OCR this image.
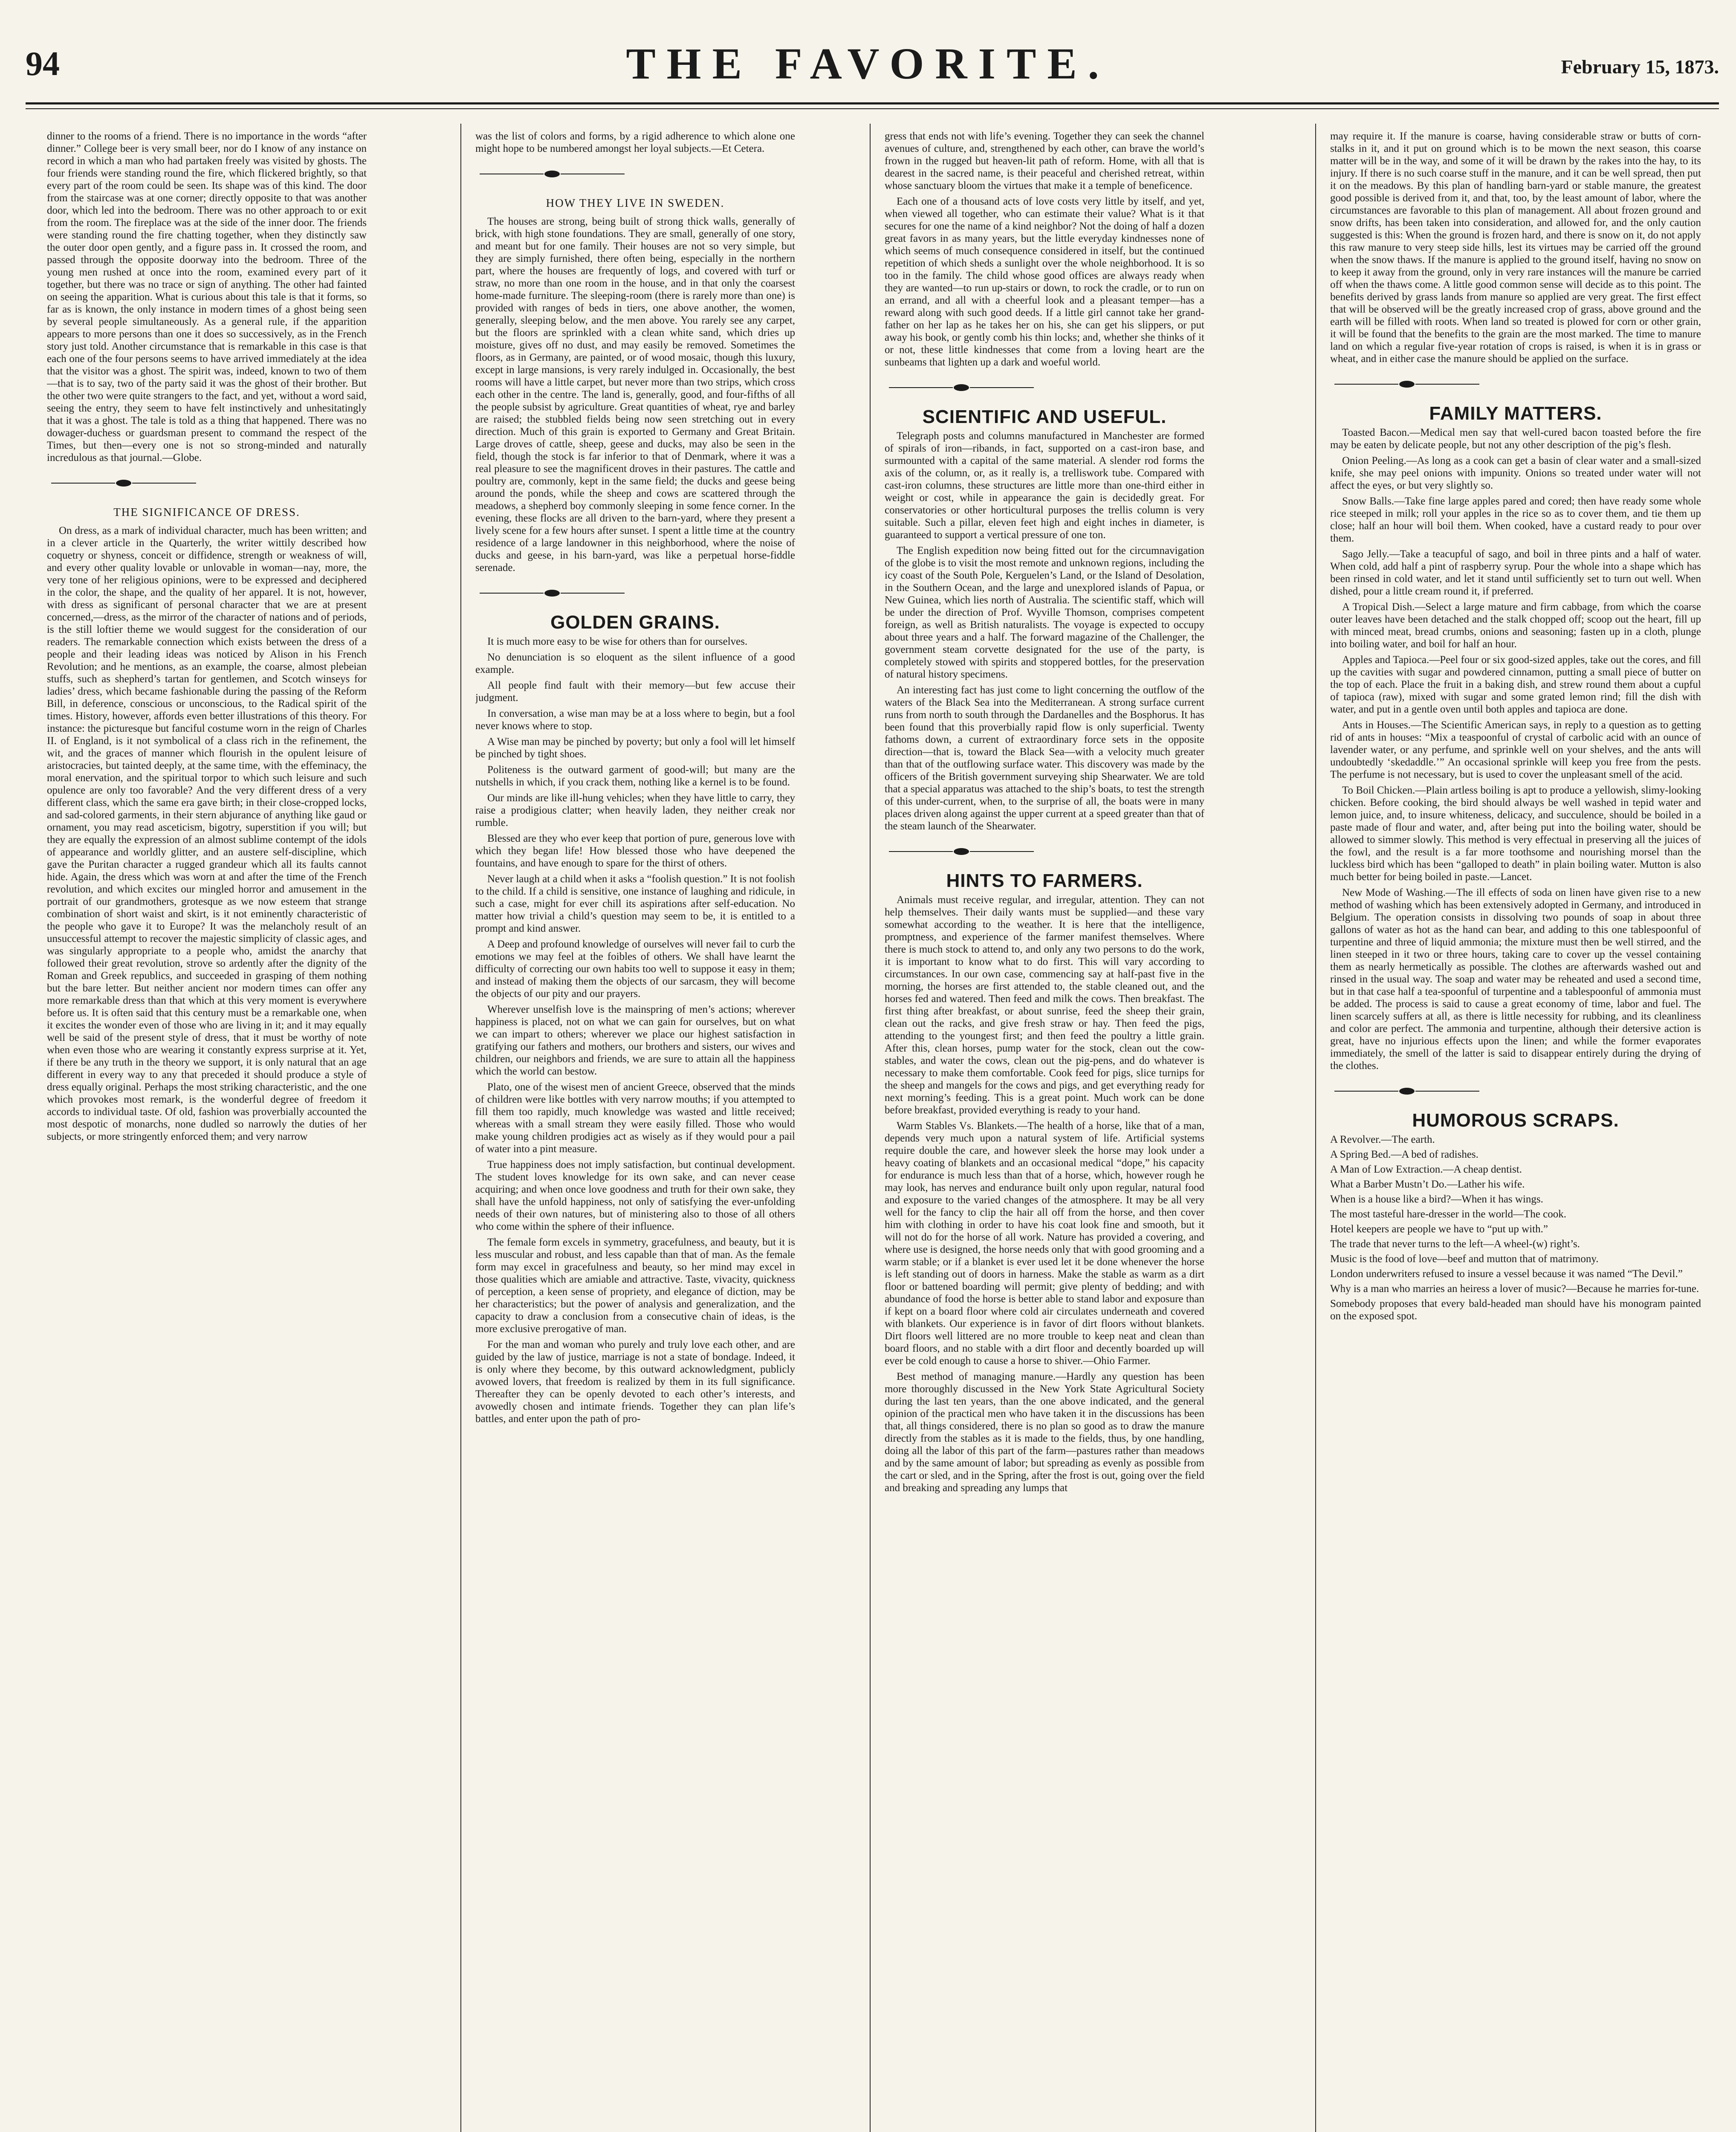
94	THE FAVORITE.	February 15, 1873.

dinner to the rooms of a friend. There is no importance in the words “after dinner.” College beer is very small beer, nor do I know of any instance on record in which a man who had partaken freely was visited by ghosts. The four friends were standing round the fire, which flickered brightly, so that every part of the room could be seen. Its shape was of this kind. The door from the staircase was at one corner; directly opposite to that was another door, which led into the bedroom. There was no other approach to or exit from the room. The fireplace was at the side of the inner door. The friends were standing round the fire chatting together, when they distinctly saw the outer door open gently, and a figure pass in. It crossed the room, and passed through the opposite doorway into the bedroom. Three of the young men rushed at once into the room, examined every part of it together, but there was no trace or sign of anything. The other had fainted on seeing the apparition. What is curious about this tale is that it forms, so far as is known, the only instance in modern times of a ghost being seen by several people simultaneously. As a general rule, if the apparition appears to more persons than one it does so successively, as in the French story just told. Another circumstance that is remarkable in this case is that each one of the four persons seems to have arrived immediately at the idea that the visitor was a ghost. The spirit was, indeed, known to two of them—that is to say, two of the party said it was the ghost of their brother. But the other two were quite strangers to the fact, and yet, without a word said, seeing the entry, they seem to have felt instinctively and unhesitatingly that it was a ghost. The tale is told as a thing that happened. There was no dowager-duchess or guardsman present to command the respect of the Times, but then—every one is not so strong-minded and naturally incredulous as that journal.—Globe.

THE SIGNIFICANCE OF DRESS.

On dress, as a mark of individual character, much has been written; and in a clever article in the Quarterly, the writer wittily described how coquetry or shyness, conceit or diffidence, strength or weakness of will, and every other quality lovable or unlovable in woman—nay, more, the very tone of her religious opinions, were to be expressed and deciphered in the color, the shape, and the quality of her apparel. It is not, however, with dress as significant of personal character that we are at present concerned,—dress, as the mirror of the character of nations and of periods, is the still loftier theme we would suggest for the consideration of our readers. The remarkable connection which exists between the dress of a people and their leading ideas was noticed by Alison in his French Revolution; and he mentions, as an example, the coarse, almost plebeian stuffs, such as shepherd’s tartan for gentlemen, and Scotch winseys for ladies’ dress, which became fashionable during the passing of the Reform Bill, in deference, conscious or unconscious, to the Radical spirit of the times. History, however, affords even better illustrations of this theory. For instance: the picturesque but fanciful costume worn in the reign of Charles II. of England, is it not symbolical of a class rich in the refinement, the wit, and the graces of manner which flourish in the opulent leisure of aristocracies, but tainted deeply, at the same time, with the effeminacy, the moral enervation, and the spiritual torpor to which such leisure and such opulence are only too favorable? And the very different dress of a very different class, which the same era gave birth; in their close-cropped locks, and sad-colored garments, in their stern abjurance of anything like gaud or ornament, you may read asceticism, bigotry, superstition if you will; but they are equally the expression of an almost sublime contempt of the idols of appearance and worldly glitter, and an austere self-discipline, which gave the Puritan character a rugged grandeur which all its faults cannot hide. Again, the dress which was worn at and after the time of the French revolution, and which excites our mingled horror and amusement in the portrait of our grandmothers, grotesque as we now esteem that strange combination of short waist and skirt, is it not eminently characteristic of the people who gave it to Europe? It was the melancholy result of an unsuccessful attempt to recover the majestic simplicity of classic ages, and was singularly appropriate to a people who, amidst the anarchy that followed their great revolution, strove so ardently after the dignity of the Roman and Greek republics, and succeeded in grasping of them nothing but the bare letter. But neither ancient nor modern times can offer any more remarkable dress than that which at this very moment is everywhere before us. It is often said that this century must be a remarkable one, when it excites the wonder even of those who are living in it; and it may equally well be said of the present style of dress, that it must be worthy of note when even those who are wearing it constantly express surprise at it. Yet, if there be any truth in the theory we support, it is only natural that an age different in every way to any that preceded it should produce a style of dress equally original. Perhaps the most striking characteristic, and the one which provokes most remark, is the wonderful degree of freedom it accords to individual taste. Of old, fashion was proverbially accounted the most despotic of monarchs, none dudled so narrowly the duties of her subjects, or more stringently enforced them; and very narrow

was the list of colors and forms, by a rigid adherence to which alone one might hope to be numbered amongst her loyal subjects.—Et Cetera.

HOW THEY LIVE IN SWEDEN.

The houses are strong, being built of strong thick walls, generally of brick, with high stone foundations. They are small, generally of one story, and meant but for one family. Their houses are not so very simple, but they are simply furnished, there often being, especially in the northern part, where the houses are frequently of logs, and covered with turf or straw, no more than one room in the house, and in that only the coarsest home-made furniture. The sleeping-room (there is rarely more than one) is provided with ranges of beds in tiers, one above another, the women, generally, sleeping below, and the men above. You rarely see any carpet, but the floors are sprinkled with a clean white sand, which dries up moisture, gives off no dust, and may easily be removed. Sometimes the floors, as in Germany, are painted, or of wood mosaic, though this luxury, except in large mansions, is very rarely indulged in. Occasionally, the best rooms will have a little carpet, but never more than two strips, which cross each other in the centre. The land is, generally, good, and four-fifths of all the people subsist by agriculture. Great quantities of wheat, rye and barley are raised; the stubbled fields being now seen stretching out in every direction. Much of this grain is exported to Germany and Great Britain. Large droves of cattle, sheep, geese and ducks, may also be seen in the field, though the stock is far inferior to that of Denmark, where it was a real pleasure to see the magnificent droves in their pastures. The cattle and poultry are, commonly, kept in the same field; the ducks and geese being around the ponds, while the sheep and cows are scattered through the meadows, a shepherd boy commonly sleeping in some fence corner. In the evening, these flocks are all driven to the barn-yard, where they present a lively scene for a few hours after sunset. I spent a little time at the country residence of a large landowner in this neighborhood, where the noise of ducks and geese, in his barn-yard, was like a perpetual horse-fiddle serenade.

GOLDEN GRAINS.

It is much more easy to be wise for others than for ourselves.

No denunciation is so eloquent as the silent influence of a good example.

All people find fault with their memory—but few accuse their judgment.

In conversation, a wise man may be at a loss where to begin, but a fool never knows where to stop.

A Wise man may be pinched by poverty; but only a fool will let himself be pinched by tight shoes.

Politeness is the outward garment of good-will; but many are the nutshells in which, if you crack them, nothing like a kernel is to be found.

Our minds are like ill-hung vehicles; when they have little to carry, they raise a prodigious clatter; when heavily laden, they neither creak nor rumble.

Blessed are they who ever keep that portion of pure, generous love with which they began life! How blessed those who have deepened the fountains, and have enough to spare for the thirst of others.

Never laugh at a child when it asks a “foolish question.” It is not foolish to the child. If a child is sensitive, one instance of laughing and ridicule, in such a case, might for ever chill its aspirations after self-education. No matter how trivial a child’s question may seem to be, it is entitled to a prompt and kind answer.

A Deep and profound knowledge of ourselves will never fail to curb the emotions we may feel at the foibles of others. We shall have learnt the difficulty of correcting our own habits too well to suppose it easy in them; and instead of making them the objects of our sarcasm, they will become the objects of our pity and our prayers.

Wherever unselfish love is the mainspring of men’s actions; wherever happiness is placed, not on what we can gain for ourselves, but on what we can impart to others; wherever we place our highest satisfaction in gratifying our fathers and mothers, our brothers and sisters, our wives and children, our neighbors and friends, we are sure to attain all the happiness which the world can bestow.

Plato, one of the wisest men of ancient Greece, observed that the minds of children were like bottles with very narrow mouths; if you attempted to fill them too rapidly, much knowledge was wasted and little received; whereas with a small stream they were easily filled. Those who would make young children prodigies act as wisely as if they would pour a pail of water into a pint measure.

True happiness does not imply satisfaction, but continual development. The student loves knowledge for its own sake, and can never cease acquiring; and when once love goodness and truth for their own sake, they shall have the unfold happiness, not only of satisfying the ever-unfolding needs of their own natures, but of ministering also to those of all others who come within the sphere of their influence.

The female form excels in symmetry, gracefulness, and beauty, but it is less muscular and robust, and less capable than that of man. As the female form may excel in gracefulness and beauty, so her mind may excel in those qualities which are amiable and attractive. Taste, vivacity, quickness of perception, a keen sense of propriety, and elegance of diction, may be her characteristics; but the power of analysis and generalization, and the capacity to draw a conclusion from a consecutive chain of ideas, is the more exclusive prerogative of man.

For the man and woman who purely and truly love each other, and are guided by the law of justice, marriage is not a state of bondage. Indeed, it is only where they become, by this outward acknowledgment, publicly avowed lovers, that freedom is realized by them in its full significance. Thereafter they can be openly devoted to each other’s interests, and avowedly chosen and intimate friends. Together they can plan life’s battles, and enter upon the path of pro-

gress that ends not with life’s evening. Together they can seek the channel avenues of culture, and, strengthened by each other, can brave the world’s frown in the rugged but heaven-lit path of reform. Home, with all that is dearest in the sacred name, is their peaceful and cherished retreat, within whose sanctuary bloom the virtues that make it a temple of beneficence.

Each one of a thousand acts of love costs very little by itself, and yet, when viewed all together, who can estimate their value? What is it that secures for one the name of a kind neighbor? Not the doing of half a dozen great favors in as many years, but the little everyday kindnesses none of which seems of much consequence considered in itself, but the continued repetition of which sheds a sunlight over the whole neighborhood. It is so too in the family. The child whose good offices are always ready when they are wanted—to run up-stairs or down, to rock the cradle, or to run on an errand, and all with a cheerful look and a pleasant temper—has a reward along with such good deeds. If a little girl cannot take her grand-father on her lap as he takes her on his, she can get his slippers, or put away his book, or gently comb his thin locks; and, whether she thinks of it or not, these little kindnesses that come from a loving heart are the sunbeams that lighten up a dark and woeful world.

SCIENTIFIC AND USEFUL.

Telegraph posts and columns manufactured in Manchester are formed of spirals of iron—ribands, in fact, supported on a cast-iron base, and surmounted with a capital of the same material. A slender rod forms the axis of the column, or, as it really is, a trelliswork tube. Compared with cast-iron columns, these structures are little more than one-third either in weight or cost, while in appearance the gain is decidedly great. For conservatories or other horticultural purposes the trellis column is very suitable. Such a pillar, eleven feet high and eight inches in diameter, is guaranteed to support a vertical pressure of one ton.

The English expedition now being fitted out for the circumnavigation of the globe is to visit the most remote and unknown regions, including the icy coast of the South Pole, Kerguelen’s Land, or the Island of Desolation, in the Southern Ocean, and the large and unexplored islands of Papua, or New Guinea, which lies north of Australia. The scientific staff, which will be under the direction of Prof. Wyville Thomson, comprises competent foreign, as well as British naturalists. The voyage is expected to occupy about three years and a half. The forward magazine of the Challenger, the government steam corvette designated for the use of the party, is completely stowed with spirits and stoppered bottles, for the preservation of natural history specimens.

An interesting fact has just come to light concerning the outflow of the waters of the Black Sea into the Mediterranean. A strong surface current runs from north to south through the Dardanelles and the Bosphorus. It has been found that this proverbially rapid flow is only superficial. Twenty fathoms down, a current of extraordinary force sets in the opposite direction—that is, toward the Black Sea—with a velocity much greater than that of the outflowing surface water. This discovery was made by the officers of the British government surveying ship Shearwater. We are told that a special apparatus was attached to the ship’s boats, to test the strength of this under-current, when, to the surprise of all, the boats were in many places driven along against the upper current at a speed greater than that of the steam launch of the Shearwater.

HINTS TO FARMERS.

Animals must receive regular, and irregular, attention. They can not help themselves. Their daily wants must be supplied—and these vary somewhat according to the weather. It is here that the intelligence, promptness, and experience of the farmer manifest themselves. Where there is much stock to attend to, and only any two persons to do the work, it is important to know what to do first. This will vary according to circumstances. In our own case, commencing say at half-past five in the morning, the horses are first attended to, the stable cleaned out, and the horses fed and watered. Then feed and milk the cows. Then breakfast. The first thing after breakfast, or about sunrise, feed the sheep their grain, clean out the racks, and give fresh straw or hay. Then feed the pigs, attending to the youngest first; and then feed the poultry a little grain. After this, clean horses, pump water for the stock, clean out the cow-stables, and water the cows, clean out the pig-pens, and do whatever is necessary to make them comfortable. Cook feed for pigs, slice turnips for the sheep and mangels for the cows and pigs, and get everything ready for next morning’s feeding. This is a great point. Much work can be done before breakfast, provided everything is ready to your hand.

Warm Stables Vs. Blankets.—The health of a horse, like that of a man, depends very much upon a natural system of life. Artificial systems require double the care, and however sleek the horse may look under a heavy coating of blankets and an occasional medical “dope,” his capacity for endurance is much less than that of a horse, which, however rough he may look, has nerves and endurance built only upon regular, natural food and exposure to the varied changes of the atmosphere. It may be all very well for the fancy to clip the hair all off from the horse, and then cover him with clothing in order to have his coat look fine and smooth, but it will not do for the horse of all work. Nature has provided a covering, and where use is designed, the horse needs only that with good grooming and a warm stable; or if a blanket is ever used let it be done whenever the horse is left standing out of doors in harness. Make the stable as warm as a dirt floor or battened boarding will permit; give plenty of bedding; and with abundance of food the horse is better able to stand labor and exposure than if kept on a board floor where cold air circulates underneath and covered with blankets. Our experience is in favor of dirt floors without blankets. Dirt floors well littered are no more trouble to keep neat and clean than board floors, and no stable with a dirt floor and decently boarded up will ever be cold enough to cause a horse to shiver.—Ohio Farmer.

Best method of managing manure.—Hardly any question has been more thoroughly discussed in the New York State Agricultural Society during the last ten years, than the one above indicated, and the general opinion of the practical men who have taken it in the discussions has been that, all things considered, there is no plan so good as to draw the manure directly from the stables as it is made to the fields, thus, by one handling, doing all the labor of this part of the farm—pastures rather than meadows and by the same amount of labor; but spreading as evenly as possible from the cart or sled, and in the Spring, after the frost is out, going over the field and breaking and spreading any lumps that

may require it. If the manure is coarse, having considerable straw or butts of corn-stalks in it, and it put on ground which is to be mown the next season, this coarse matter will be in the way, and some of it will be drawn by the rakes into the hay, to its injury. If there is no such coarse stuff in the manure, and it can be well spread, then put it on the meadows. By this plan of handling barn-yard or stable manure, the greatest good possible is derived from it, and that, too, by the least amount of labor, where the circumstances are favorable to this plan of management. All about frozen ground and snow drifts, has been taken into consideration, and allowed for, and the only caution suggested is this: When the ground is frozen hard, and there is snow on it, do not apply this raw manure to very steep side hills, lest its virtues may be carried off the ground when the snow thaws. If the manure is applied to the ground itself, having no snow on to keep it away from the ground, only in very rare instances will the manure be carried off when the thaws come. A little good common sense will decide as to this point. The benefits derived by grass lands from manure so applied are very great. The first effect that will be observed will be the greatly increased crop of grass, above ground and the earth will be filled with roots. When land so treated is plowed for corn or other grain, it will be found that the benefits to the grain are the most marked. The time to manure land on which a regular five-year rotation of crops is raised, is when it is in grass or wheat, and in either case the manure should be applied on the surface.

FAMILY MATTERS.

Toasted Bacon.—Medical men say that well-cured bacon toasted before the fire may be eaten by delicate people, but not any other description of the pig’s flesh.

Onion Peeling.—As long as a cook can get a basin of clear water and a small-sized knife, she may peel onions with impunity. Onions so treated under water will not affect the eyes, or but very slightly so.

Snow Balls.—Take fine large apples pared and cored; then have ready some whole rice steeped in milk; roll your apples in the rice so as to cover them, and tie them up close; half an hour will boil them. When cooked, have a custard ready to pour over them.

Sago Jelly.—Take a teacupful of sago, and boil in three pints and a half of water. When cold, add half a pint of raspberry syrup. Pour the whole into a shape which has been rinsed in cold water, and let it stand until sufficiently set to turn out well. When dished, pour a little cream round it, if preferred.

A Tropical Dish.—Select a large mature and firm cabbage, from which the coarse outer leaves have been detached and the stalk chopped off; scoop out the heart, fill up with minced meat, bread crumbs, onions and seasoning; fasten up in a cloth, plunge into boiling water, and boil for half an hour.

Apples and Tapioca.—Peel four or six good-sized apples, take out the cores, and fill up the cavities with sugar and powdered cinnamon, putting a small piece of butter on the top of each. Place the fruit in a baking dish, and strew round them about a cupful of tapioca (raw), mixed with sugar and some grated lemon rind; fill the dish with water, and put in a gentle oven until both apples and tapioca are done.

Ants in Houses.—The Scientific American says, in reply to a question as to getting rid of ants in houses: “Mix a teaspoonful of crystal of carbolic acid with an ounce of lavender water, or any perfume, and sprinkle well on your shelves, and the ants will undoubtedly ‘skedaddle.’” An occasional sprinkle will keep you free from the pests. The perfume is not necessary, but is used to cover the unpleasant smell of the acid.

To Boil Chicken.—Plain artless boiling is apt to produce a yellowish, slimy-looking chicken. Before cooking, the bird should always be well washed in tepid water and lemon juice, and, to insure whiteness, delicacy, and succulence, should be boiled in a paste made of flour and water, and, after being put into the boiling water, should be allowed to simmer slowly. This method is very effectual in preserving all the juices of the fowl, and the result is a far more toothsome and nourishing morsel than the luckless bird which has been “galloped to death” in plain boiling water. Mutton is also much better for being boiled in paste.—Lancet.

New Mode of Washing.—The ill effects of soda on linen have given rise to a new method of washing which has been extensively adopted in Germany, and introduced in Belgium. The operation consists in dissolving two pounds of soap in about three gallons of water as hot as the hand can bear, and adding to this one tablespoonful of turpentine and three of liquid ammonia; the mixture must then be well stirred, and the linen steeped in it two or three hours, taking care to cover up the vessel containing them as nearly hermetically as possible. The clothes are afterwards washed out and rinsed in the usual way. The soap and water may be reheated and used a second time, but in that case half a tea-spoonful of turpentine and a tablespoonful of ammonia must be added. The process is said to cause a great economy of time, labor and fuel. The linen scarcely suffers at all, as there is little necessity for rubbing, and its cleanliness and color are perfect. The ammonia and turpentine, although their detersive action is great, have no injurious effects upon the linen; and while the former evaporates immediately, the smell of the latter is said to disappear entirely during the drying of the clothes.

HUMOROUS SCRAPS.

A Revolver.—The earth.

A Spring Bed.—A bed of radishes.

A Man of Low Extraction.—A cheap dentist.

What a Barber Mustn’t Do.—Lather his wife.

When is a house like a bird?—When it has wings.

The most tasteful hare-dresser in the world—The cook.

Hotel keepers are people we have to “put up with.”

The trade that never turns to the left—A wheel-(w) right’s.

Music is the food of love—beef and mutton that of matrimony.

London underwriters refused to insure a vessel because it was named “The Devil.”

Why is a man who marries an heiress a lover of music?—Because he marries for-tune.

Somebody proposes that every bald-headed man should have his monogram painted on the exposed spot.
